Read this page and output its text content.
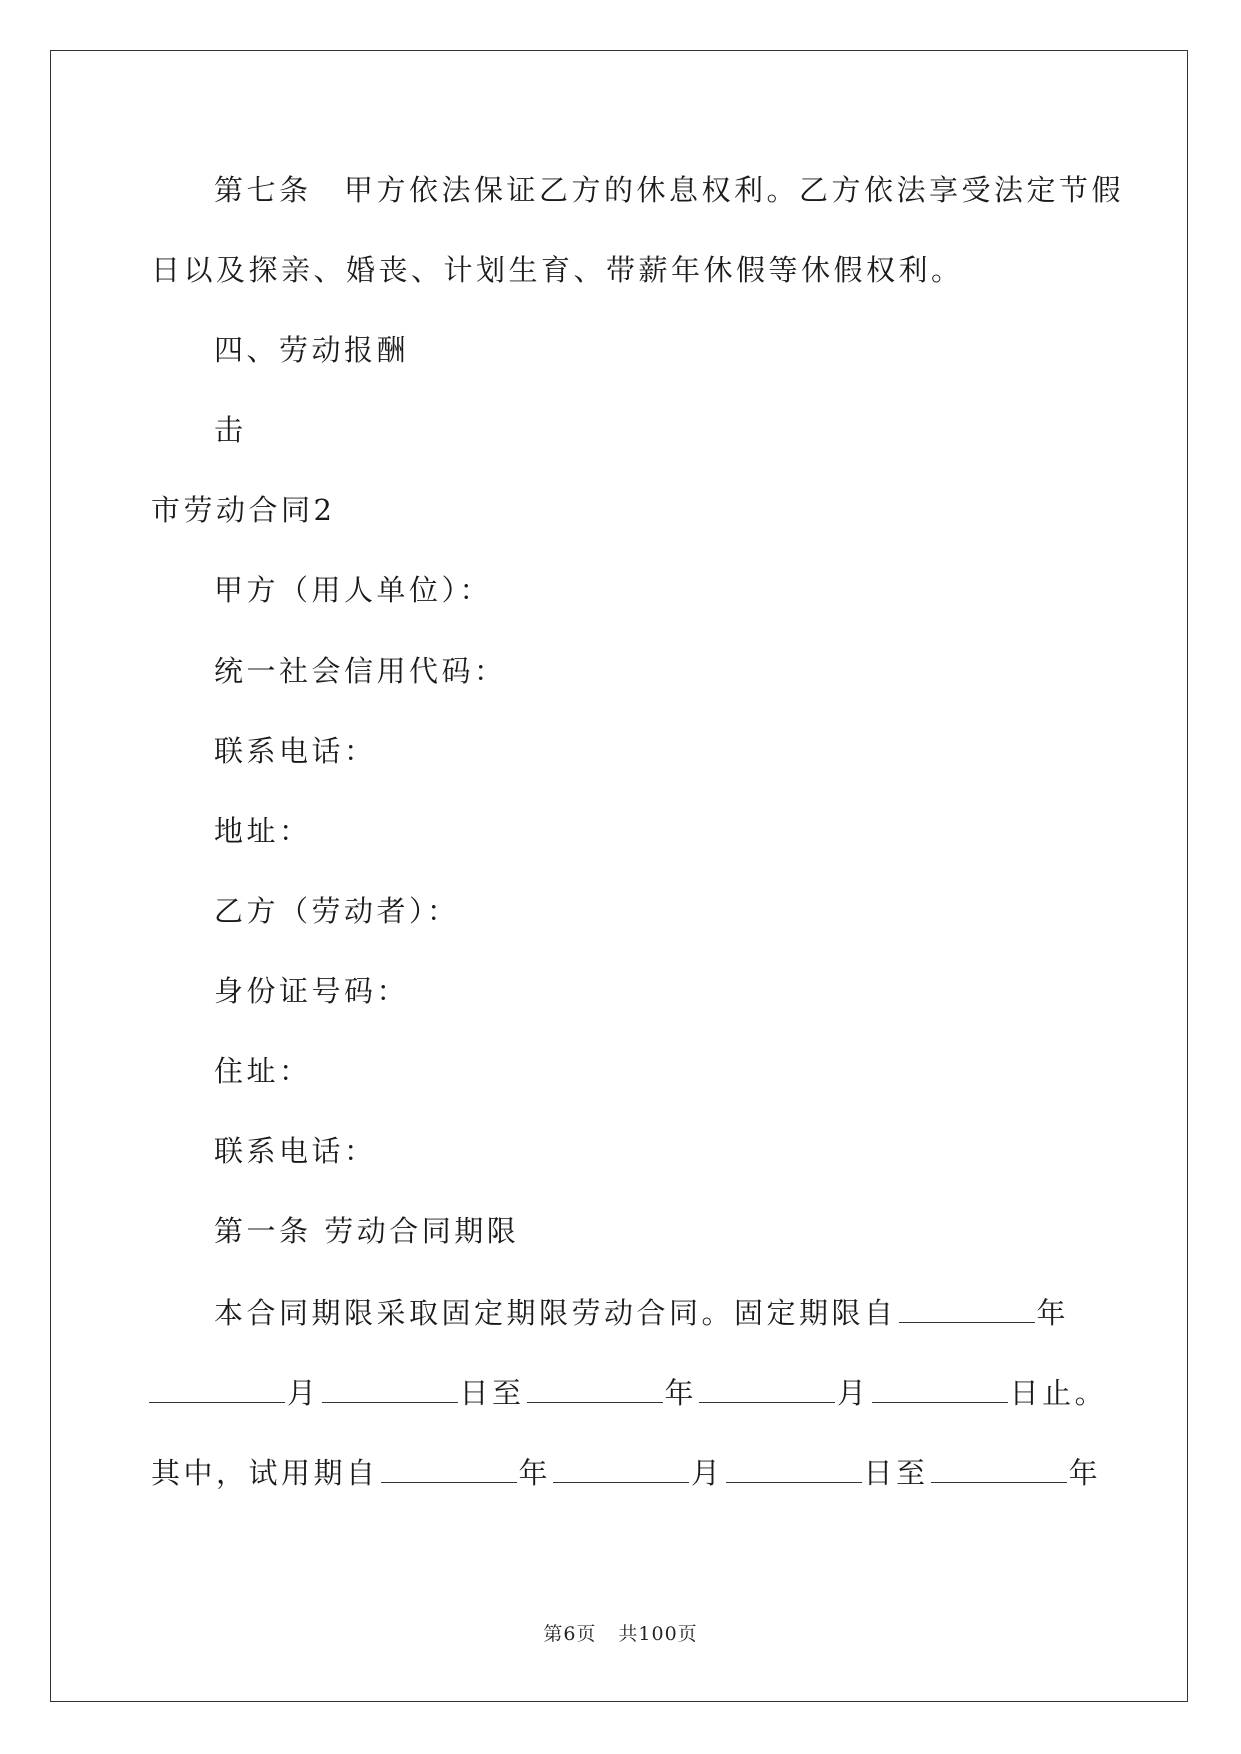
第七条　甲方依法保证乙方的休息权利。乙方依法享受法定节假
日以及探亲、婚丧、计划生育、带薪年休假等休假权利。
四、劳动报酬
击
市劳动合同2
甲方（用人单位）：
统一社会信用代码：
联系电话：
地址：
乙方（劳动者）：
身份证号码：
住址：
联系电话：
第一条 劳动合同期限
本合同期限采取固定期限劳动合同。固定期限自	年
月	日至	年	月	日止。
其中，试用期自	年	月	日至	年
第6页 共100页
